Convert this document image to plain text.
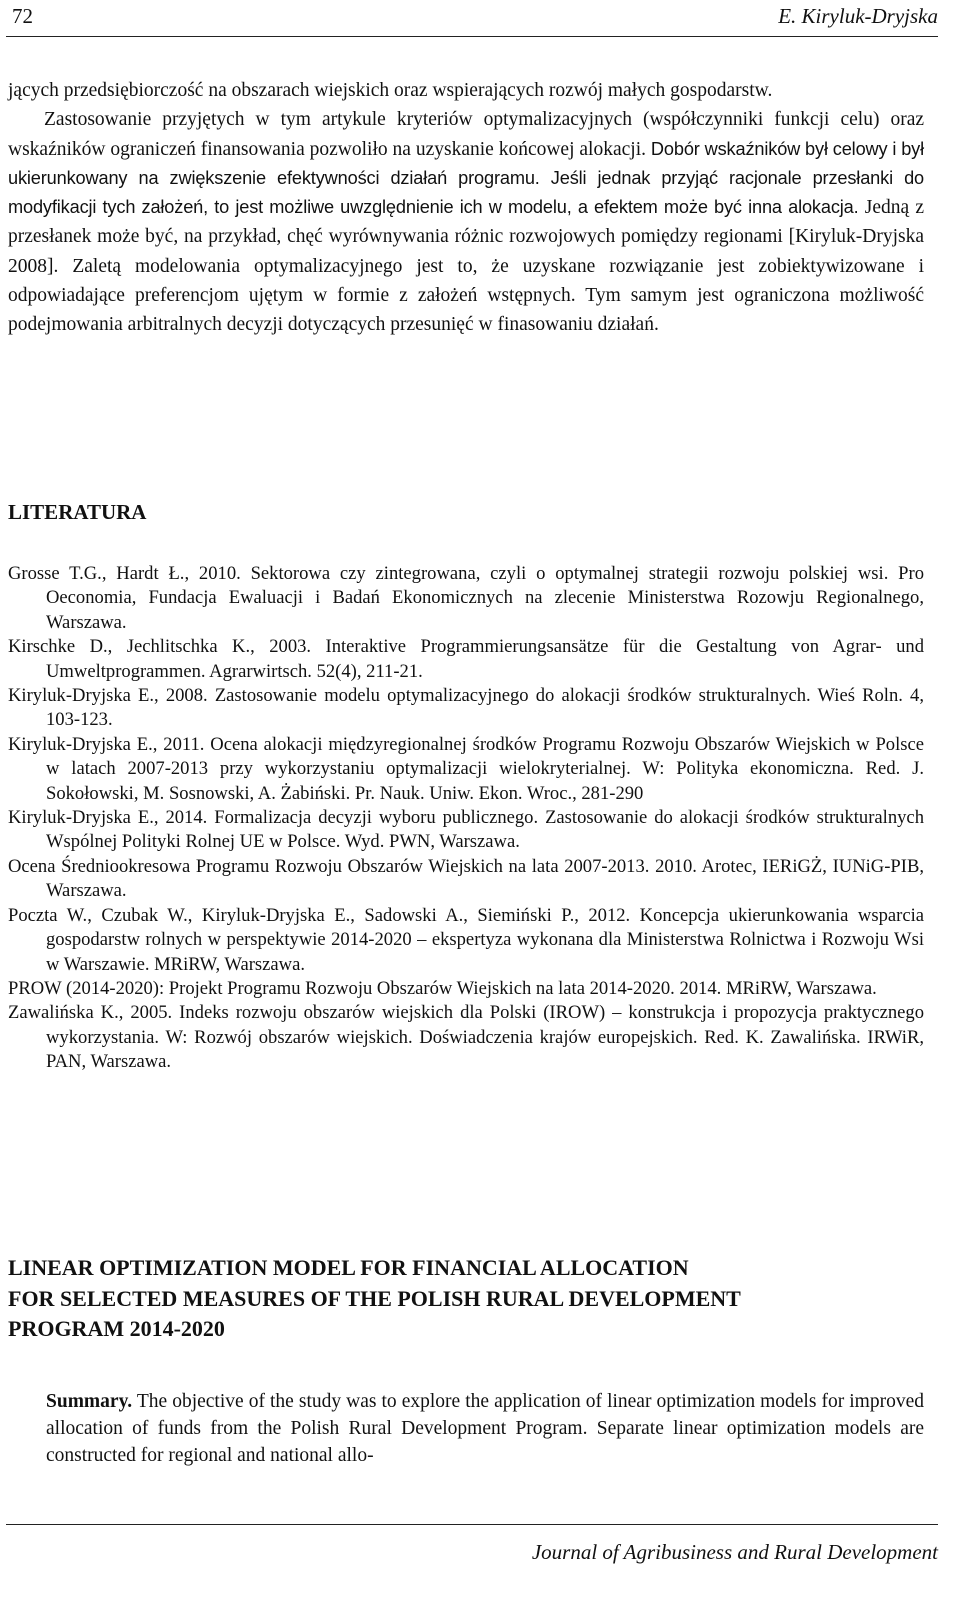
72	E. Kiryluk-Dryjska

jących przedsiębiorczość na obszarach wiejskich oraz wspierających rozwój małych gospodarstw.

Zastosowanie przyjętych w tym artykule kryteriów optymalizacyjnych (współczynniki funkcji celu) oraz wskaźników ograniczeń finansowania pozwoliło na uzyskanie końcowej alokacji. Dobór wskaźników był celowy i był ukierunkowany na zwiększenie efektywności działań programu. Jeśli jednak przyjąć racjonale przesłanki do modyfikacji tych założeń, to jest możliwe uwzględnienie ich w modelu, a efektem może być inna alokacja. Jedną z przesłanek może być, na przykład, chęć wyrównywania różnic rozwojowych pomiędzy regionami [Kiryluk-Dryjska 2008]. Zaletą modelowania optymalizacyjnego jest to, że uzyskane rozwiązanie jest zobiektywizowane i odpowiadające preferencjom ujętym w formie z założeń wstępnych. Tym samym jest ograniczona możliwość podejmowania arbitralnych decyzji dotyczących przesunięć w finasowaniu działań.

LITERATURA

Grosse T.G., Hardt Ł., 2010. Sektorowa czy zintegrowana, czyli o optymalnej strategii rozwoju polskiej wsi. Pro Oeconomia, Fundacja Ewaluacji i Badań Ekonomicznych na zlecenie Ministerstwa Rozowju Regionalnego, Warszawa.

Kirschke D., Jechlitschka K., 2003. Interaktive Programmierungsansätze für die Gestaltung von Agrar- und Umweltprogrammen. Agrarwirtsch. 52(4), 211-21.

Kiryluk-Dryjska E., 2008. Zastosowanie modelu optymalizacyjnego do alokacji środków strukturalnych. Wieś Roln. 4, 103-123.

Kiryluk-Dryjska E., 2011. Ocena alokacji międzyregionalnej środków Programu Rozwoju Obszarów Wiejskich w Polsce w latach 2007-2013 przy wykorzystaniu optymalizacji wielokryterialnej. W: Polityka ekonomiczna. Red. J. Sokołowski, M. Sosnowski, A. Żabiński. Pr. Nauk. Uniw. Ekon. Wroc., 281-290

Kiryluk-Dryjska E., 2014. Formalizacja decyzji wyboru publicznego. Zastosowanie do alokacji środków strukturalnych Wspólnej Polityki Rolnej UE w Polsce. Wyd. PWN, Warszawa.

Ocena Średniookresowa Programu Rozwoju Obszarów Wiejskich na lata 2007-2013. 2010. Arotec, IERiGŻ, IUNiG-PIB, Warszawa.

Poczta W., Czubak W., Kiryluk-Dryjska E., Sadowski A., Siemiński P., 2012. Koncepcja ukierunkowania wsparcia gospodarstw rolnych w perspektywie 2014-2020 – ekspertyza wykonana dla Ministerstwa Rolnictwa i Rozwoju Wsi w Warszawie. MRiRW, Warszawa.

PROW (2014-2020): Projekt Programu Rozwoju Obszarów Wiejskich na lata 2014-2020. 2014. MRiRW, Warszawa.

Zawalińska K., 2005. Indeks rozwoju obszarów wiejskich dla Polski (IROW) – konstrukcja i propozycja praktycznego wykorzystania. W: Rozwój obszarów wiejskich. Doświadczenia krajów europejskich. Red. K. Zawalińska. IRWiR, PAN, Warszawa.

LINEAR OPTIMIZATION MODEL FOR FINANCIAL ALLOCATION
FOR SELECTED MEASURES OF THE POLISH RURAL DEVELOPMENT
PROGRAM 2014-2020

Summary. The objective of the study was to explore the application of linear optimization models for improved allocation of funds from the Polish Rural Development Program. Separate linear optimization models are constructed for regional and national allo-

Journal of Agribusiness and Rural Development
